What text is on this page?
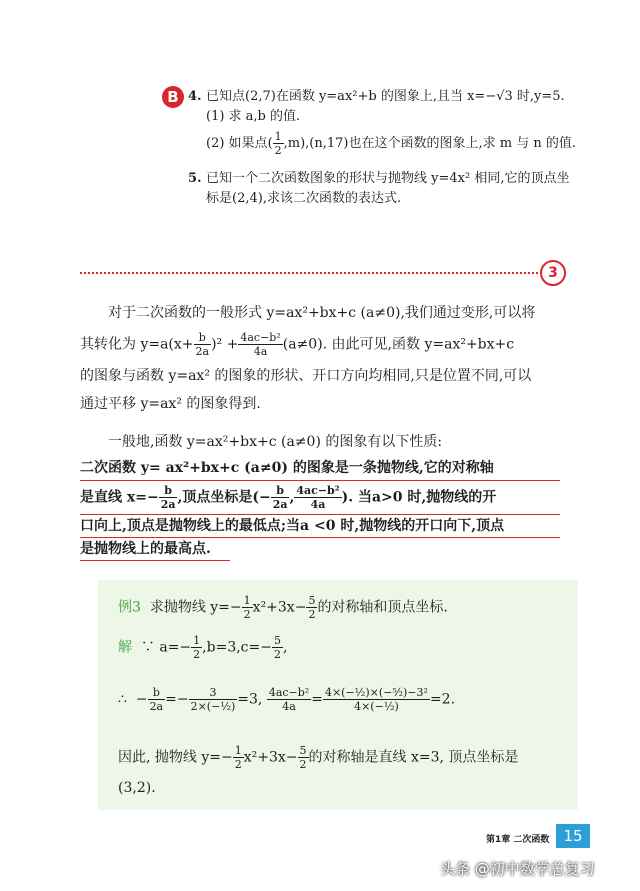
B 4. 已知点(2,7)在函数 y=ax²+b 的图象上,且当 x=−√3 时,y=5.
(1) 求 a,b 的值.
(2) 如果点( $\frac{1}{2} ,m),(n,17)$也在这个函数的图象上,求 m 与 n 的值.
5. 已知一个二次函数图象的形状与抛物线 y=4x² 相同,它的顶点坐
标是(2,4),求该二次函数的表达式.
3
对于二次函数的一般形式 y=ax²+bx+c (a≠0),我们通过变形,可以将
其转化为 $y=a(x+ \frac{b}{2a} )^2 + \frac{\text{4ac−b²}}{4a} (a\ne 0)$. 由此可见,函数 y=ax²+bx+c
的图象与函数 y=ax² 的图象的形状、开口方向均相同,只是位置不同,可以
通过平移 y=ax² 的图象得到.
一般地,函数 y=ax²+bx+c (a≠0) 的图象有以下性质:
二次函数 y= ax²+bx+c (a≠0) 的图象是一条抛物线,它的对称轴
是直线 $x=- \frac{b}{2a}$ ,顶点坐标是(− $\frac{b}{2a}$ , $\frac{\text{4ac−b²}}{4a}$ ). 当a>0 时,抛物线的开
口向上,顶点是抛物线上的最低点;当a <0 时,抛物线的开口向下,顶点
是抛物线上的最高点.
例3 求抛物线 $y=- \frac{1}{2} x^2+3x- \frac{5}{2}$ 的对称轴和顶点坐标.
解 ∵ $a=- \frac{1}{2} ,b=3,c=- \frac{5}{2}$ ,
∴ − $\frac{b}{2a} =- \frac{3}{\text{2×(−½)}} =3$, $\frac{\text{4ac−b²}}{4a} = \frac{\text{4×(−½)×(−⁵⁄₂)−3²}}{\text{4×(−½)}} =2$.
因此, 抛物线 $y=- \frac{1}{2} x^2+3x- \frac{5}{2}$ 的对称轴是直线 x=3, 顶点坐标是
(3,2).
第1章 二次函数 15
头条 @初中数学总复习
